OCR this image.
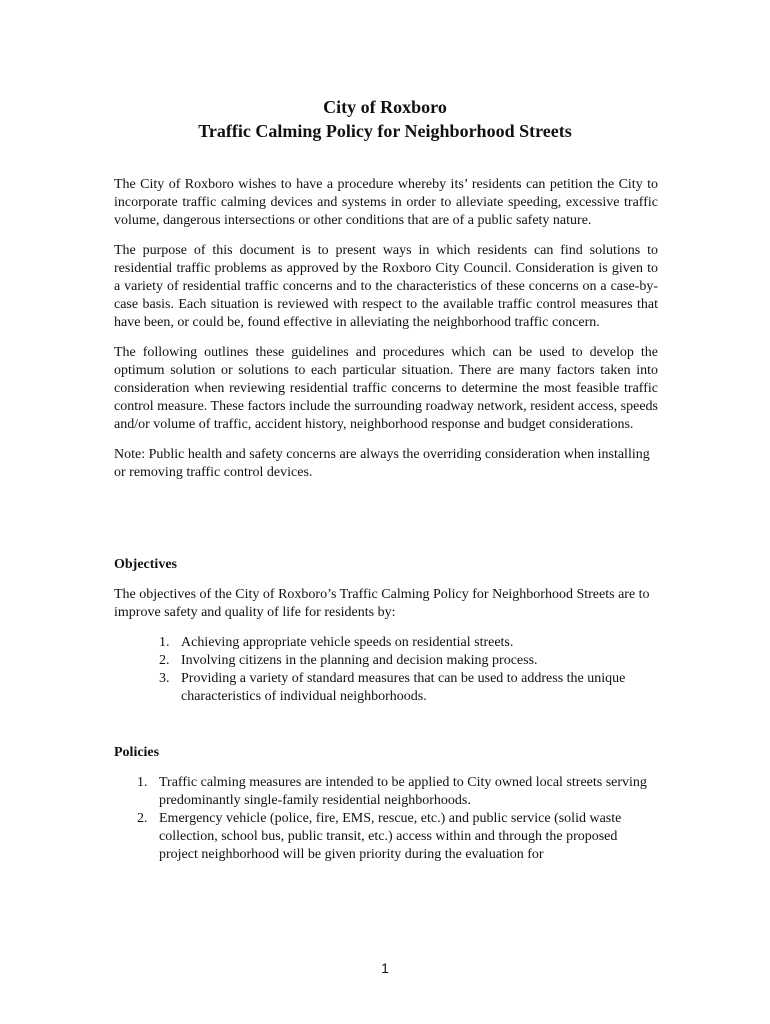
City of Roxboro
Traffic Calming Policy for Neighborhood Streets

The City of Roxboro wishes to have a procedure whereby its’ residents can petition the City to incorporate traffic calming devices and systems in order to alleviate speeding, excessive traffic volume, dangerous intersections or other conditions that are of a public safety nature.

The purpose of this document is to present ways in which residents can find solutions to residential traffic problems as approved by the Roxboro City Council. Consideration is given to a variety of residential traffic concerns and to the characteristics of these concerns on a case-by-case basis. Each situation is reviewed with respect to the available traffic control measures that have been, or could be, found effective in alleviating the neighborhood traffic concern.

The following outlines these guidelines and procedures which can be used to develop the optimum solution or solutions to each particular situation. There are many factors taken into consideration when reviewing residential traffic concerns to determine the most feasible traffic control measure. These factors include the surrounding roadway network, resident access, speeds and/or volume of traffic, accident history, neighborhood response and budget considerations.

Note: Public health and safety concerns are always the overriding consideration when installing or removing traffic control devices.

Objectives

The objectives of the City of Roxboro’s Traffic Calming Policy for Neighborhood Streets are to improve safety and quality of life for residents by:

1. Achieving appropriate vehicle speeds on residential streets.
2. Involving citizens in the planning and decision making process.
3. Providing a variety of standard measures that can be used to address the unique characteristics of individual neighborhoods.
Policies
1. Traffic calming measures are intended to be applied to City owned local streets serving predominantly single-family residential neighborhoods.
2. Emergency vehicle (police, fire, EMS, rescue, etc.) and public service (solid waste collection, school bus, public transit, etc.) access within and through the proposed project neighborhood will be given priority during the evaluation for
1
